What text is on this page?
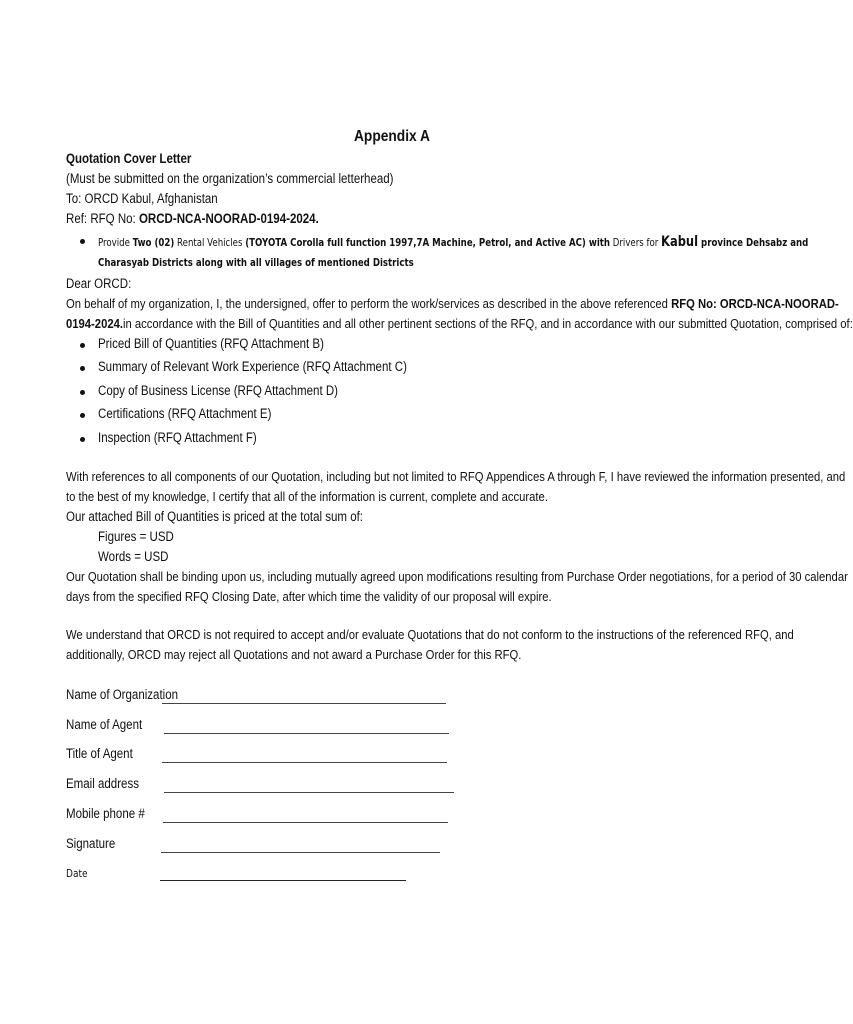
Appendix A
Quotation Cover Letter
(Must be submitted on the organization’s commercial letterhead)
To: ORCD Kabul, Afghanistan
Ref: RFQ No: ORCD-NCA-NOORAD-0194-2024.
Provide Two (02) Rental Vehicles (TOYOTA Corolla full function 1997,7A Machine, Petrol, and Active AC) with Drivers for Kabul province Dehsabz and
Charasyab Districts along with all villages of mentioned Districts
Dear ORCD:
On behalf of my organization, I, the undersigned, offer to perform the work/services as described in the above referenced RFQ No: ORCD-NCA-NOORAD-
0194-2024.in accordance with the Bill of Quantities and all other pertinent sections of the RFQ, and in accordance with our submitted Quotation, comprised of:
Priced Bill of Quantities (RFQ Attachment B)
Summary of Relevant Work Experience (RFQ Attachment C)
Copy of Business License (RFQ Attachment D)
Certifications (RFQ Attachment E)
Inspection (RFQ Attachment F)
With references to all components of our Quotation, including but not limited to RFQ Appendices A through F, I have reviewed the information presented, and
to the best of my knowledge, I certify that all of the information is current, complete and accurate.
Our attached Bill of Quantities is priced at the total sum of:
Figures = USD
Words = USD
Our Quotation shall be binding upon us, including mutually agreed upon modifications resulting from Purchase Order negotiations, for a period of 30 calendar
days from the specified RFQ Closing Date, after which time the validity of our proposal will expire.
We understand that ORCD is not required to accept and/or evaluate Quotations that do not conform to the instructions of the referenced RFQ, and
additionally, ORCD may reject all Quotations and not award a Purchase Order for this RFQ.
Name of Organization
Name of Agent
Title of Agent
Email address
Mobile phone #
Signature
Date
